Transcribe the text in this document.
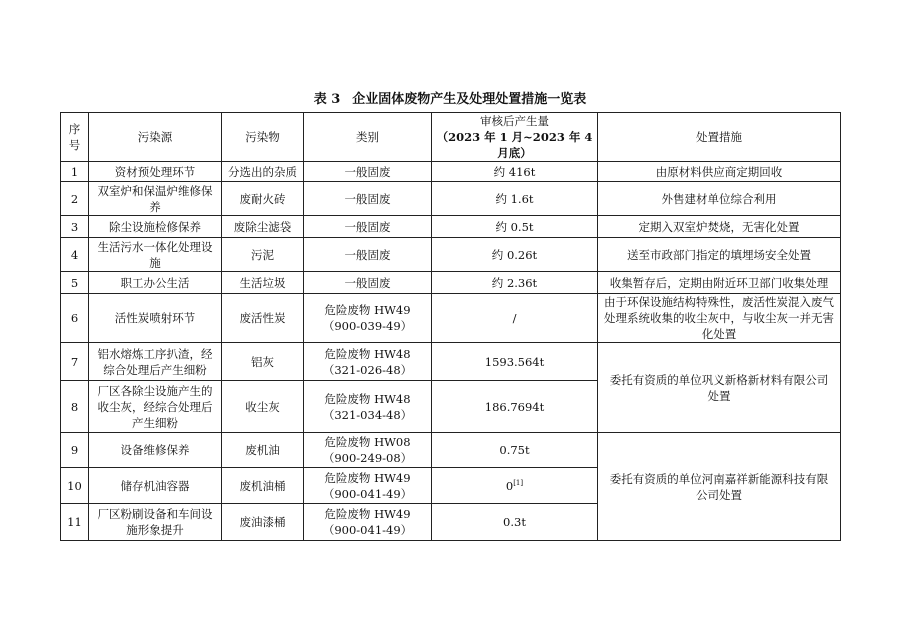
表 3 企业固体废物产生及处理处置措施一览表
序号	污染源	污染物	类别	审核后产生量
（2023 年 1 月~2023 年 4 月底）	处置措施
1	资材预处理环节	分选出的杂质	一般固废	约 416t	由原材料供应商定期回收
2	双室炉和保温炉维修保养	废耐火砖	一般固废	约 1.6t	外售建材单位综合利用
3	除尘设施检修保养	废除尘滤袋	一般固废	约 0.5t	定期入双室炉焚烧，无害化处置
4	生活污水一体化处理设施	污泥	一般固废	约 0.26t	送至市政部门指定的填埋场安全处置
5	职工办公生活	生活垃圾	一般固废	约 2.36t	收集暂存后，定期由附近环卫部门收集处理
6	活性炭喷射环节	废活性炭	危险废物 HW49
（900-039-49）	/	由于环保设施结构特殊性，废活性炭混入废气处理系统收集的收尘灰中，与收尘灰一并无害化处置
7	铝水熔炼工序扒渣，经综合处理后产生细粉	铝灰	危险废物 HW48
（321-026-48）	1593.564t	委托有资质的单位巩义新格新材料有限公司处置
8	厂区各除尘设施产生的收尘灰，经综合处理后产生细粉	收尘灰	危险废物 HW48
（321-034-48）	186.7694t	
9	设备维修保养	废机油	危险废物 HW08
（900-249-08）	0.75t	委托有资质的单位河南嘉祥新能源科技有限公司处置
10	储存机油容器	废机油桶	危险废物 HW49
（900-041-49）	0[1]
11	厂区粉刷设备和车间设施形象提升	废油漆桶	危险废物 HW49
（900-041-49）	0.3t	
